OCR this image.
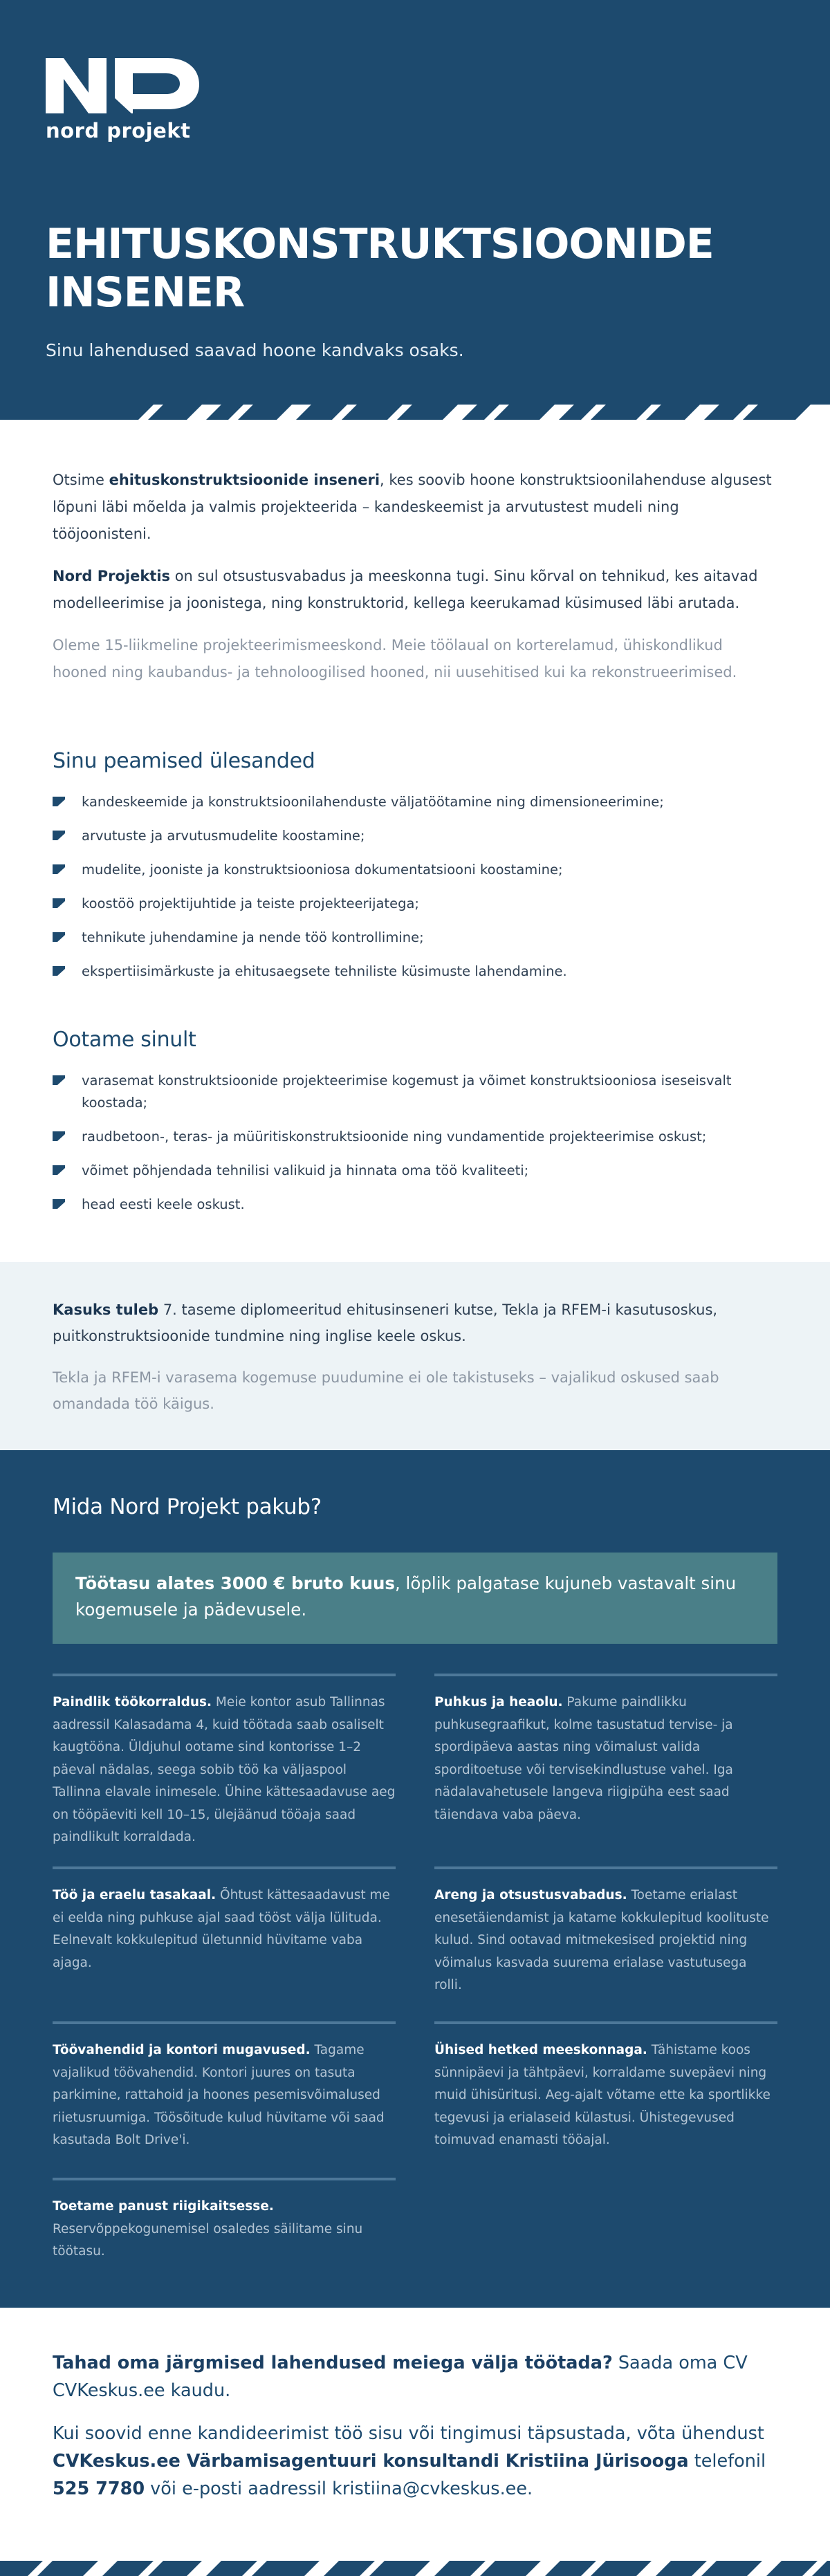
nord projekt
EHITUSKONSTRUKTSIOONIDE
INSENER

Sinu lahendused saavad hoone kandvaks osaks.

Otsime ehituskonstruktsioonide inseneri, kes soovib hoone konstruktsioonilahenduse algusest lõpuni läbi mõelda ja valmis projekteerida – kandeskeemist ja arvutustest mudeli ning tööjoonisteni.

Nord Projektis on sul otsustusvabadus ja meeskonna tugi. Sinu kõrval on tehnikud, kes aitavad modelleerimise ja joonistega, ning konstruktorid, kellega keerukamad küsimused läbi arutada.

Oleme 15-liikmeline projekteerimismeeskond. Meie töölaual on korterelamud, ühiskondlikud hooned ning kaubandus- ja tehnoloogilised hooned, nii uusehitised kui ka rekonstrueerimised.

Sinu peamised ülesanded
kandeskeemide ja konstruktsioonilahenduste väljatöötamine ning dimensioneerimine;
arvutuste ja arvutusmudelite koostamine;
mudelite, jooniste ja konstruktsiooniosa dokumentatsiooni koostamine;
koostöö projektijuhtide ja teiste projekteerijatega;
tehnikute juhendamine ja nende töö kontrollimine;
ekspertiisimärkuste ja ehitusaegsete tehniliste küsimuste lahendamine.
Ootame sinult
varasemat konstruktsioonide projekteerimise kogemust ja võimet konstruktsiooniosa iseseisvalt koostada;
raudbetoon-, teras- ja müüritiskonstruktsioonide ning vundamentide projekteerimise oskust;
võimet põhjendada tehnilisi valikuid ja hinnata oma töö kvaliteeti;
head eesti keele oskust.

Kasuks tuleb 7. taseme diplomeeritud ehitusinseneri kutse, Tekla ja RFEM-i kasutusoskus, puitkonstruktsioonide tundmine ning inglise keele oskus.

Tekla ja RFEM-i varasema kogemuse puudumine ei ole takistuseks – vajalikud oskused saab omandada töö käigus.

Mida Nord Projekt pakub?

Töötasu alates 3000 € bruto kuus, lõplik palgatase kujuneb vastavalt sinu kogemusele ja pädevusele.

Paindlik töökorraldus. Meie kontor asub Tallinnas aadressil Kalasadama 4, kuid töötada saab osaliselt kaugtööna. Üldjuhul ootame sind kontorisse 1–2 päeval nädalas, seega sobib töö ka väljaspool Tallinna elavale inimesele. Ühine kättesaadavuse aeg on tööpäeviti kell 10–15, ülejäänud tööaja saad paindlikult korraldada.
Puhkus ja heaolu. Pakume paindlikku puhkusegraafikut, kolme tasustatud tervise- ja spordipäeva aastas ning võimalust valida sporditoetuse või tervisekindlustuse vahel. Iga nädalavahetusele langeva riigipüha eest saad täiendava vaba päeva.
Töö ja eraelu tasakaal. Õhtust kättesaadavust me ei eelda ning puhkuse ajal saad tööst välja lülituda. Eelnevalt kokkulepitud ületunnid hüvitame vaba ajaga.
Areng ja otsustusvabadus. Toetame erialast enesetäiendamist ja katame kokkulepitud koolituste kulud. Sind ootavad mitmekesised projektid ning võimalus kasvada suurema erialase vastutusega rolli.
Töövahendid ja kontori mugavused. Tagame vajalikud töövahendid. Kontori juures on tasuta parkimine, rattahoid ja hoones pesemisvõimalused riietusruumiga. Töösõitude kulud hüvitame või saad kasutada Bolt Drive'i.
Ühised hetked meeskonnaga. Tähistame koos sünnipäevi ja tähtpäevi, korraldame suvepäevi ning muid ühisüritusi. Aeg-ajalt võtame ette ka sportlikke tegevusi ja erialaseid külastusi. Ühistegevused toimuvad enamasti tööajal.
Toetame panust riigikaitsesse. Reservõppekogunemisel osaledes säilitame sinu töötasu.

Tahad oma järgmised lahendused meiega välja töötada? Saada oma CV CVKeskus.ee kaudu.

Kui soovid enne kandideerimist töö sisu või tingimusi täpsustada, võta ühendust CVKeskus.ee Värbamisagentuuri konsultandi Kristiina Jürisooga telefonil 525 7780 või e-posti aadressil kristiina@cvkeskus.ee.
